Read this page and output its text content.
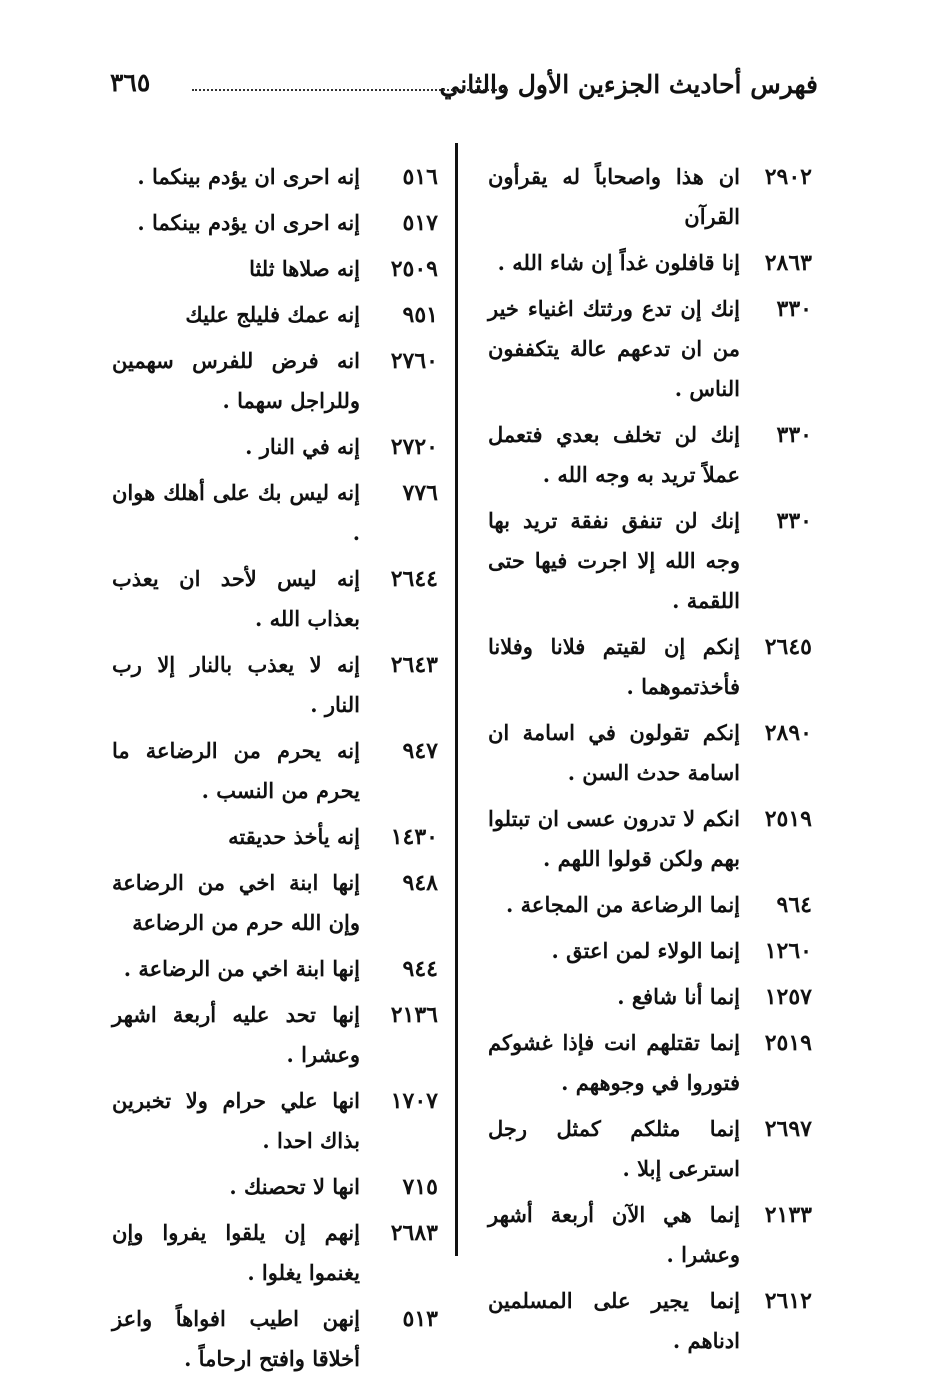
فهرس أحاديث الجزءين الأول والثاني
٣٦٥
٢٩٠٢
ان هذا واصحاباً له يقرأون القرآن
٢٨٦٣
إنا قافلون غداً إن شاء الله .
٣٣٠
إنك إن تدع ورثتك اغنياء خير من ان تدعهم عالة يتكففون الناس .
٣٣٠
إنك لن تخلف بعدي فتعمل عملاً تريد به وجه الله .
٣٣٠
إنك لن تنفق نفقة تريد بها وجه الله إلا اجرت فيها حتى اللقمة .
٢٦٤٥
إنكم إن لقيتم فلانا وفلانا فأخذتموهما .
٢٨٩٠
إنكم تقولون في اسامة ان اسامة حدث السن .
٢٥١٩
انكم لا تدرون عسى ان تبتلوا بهم ولكن قولوا اللهم .
٩٦٤
إنما الرضاعة من المجاعة .
١٢٦٠
إنما الولاء لمن اعتق .
١٢٥٧
إنما أنا شافع .
٢٥١٩
إنما تقتلهم انت فإذا غشوكم فتوروا في وجوههم .
٢٦٩٧
إنما مثلكم كمثل رجل استرعى إبلا .
٢١٣٣
إنما هي الآن أربعة أشهر وعشرا .
٢٦١٢
إنما يجير على المسلمين ادناهم .
٥١٦
إنه احرى ان يؤدم بينكما .
٥١٧
إنه احرى ان يؤدم بينكما .
٢٥٠٩
إنه صلاها ثلثا
٩٥١
إنه عمك فليلج عليك
٢٧٦٠
انه فرض للفرس سهمين وللراجل سهما .
٢٧٢٠
إنه في النار .
٧٧٦
إنه ليس بك على أهلك هوان .
٢٦٤٤
إنه ليس لأحد ان يعذب بعذاب الله .
٢٦٤٣
إنه لا يعذب بالنار إلا رب النار .
٩٤٧
إنه يحرم من الرضاعة ما يحرم من النسب .
١٤٣٠
إنه يأخذ حديقته
٩٤٨
إنها ابنة اخي من الرضاعة وإن الله حرم من الرضاعة
٩٤٤
إنها ابنة اخي من الرضاعة .
٢١٣٦
إنها تحد عليه أربعة اشهر وعشرا .
١٧٠٧
انها علي حرام ولا تخبرين بذاك احدا .
٧١٥
انها لا تحصنك .
٢٦٨٣
إنهم إن يلقوا يفروا وإن يغنموا يغلوا .
٥١٣
إنهن اطيب افواهاً واعز أخلاقا وافتح ارحاماً .
